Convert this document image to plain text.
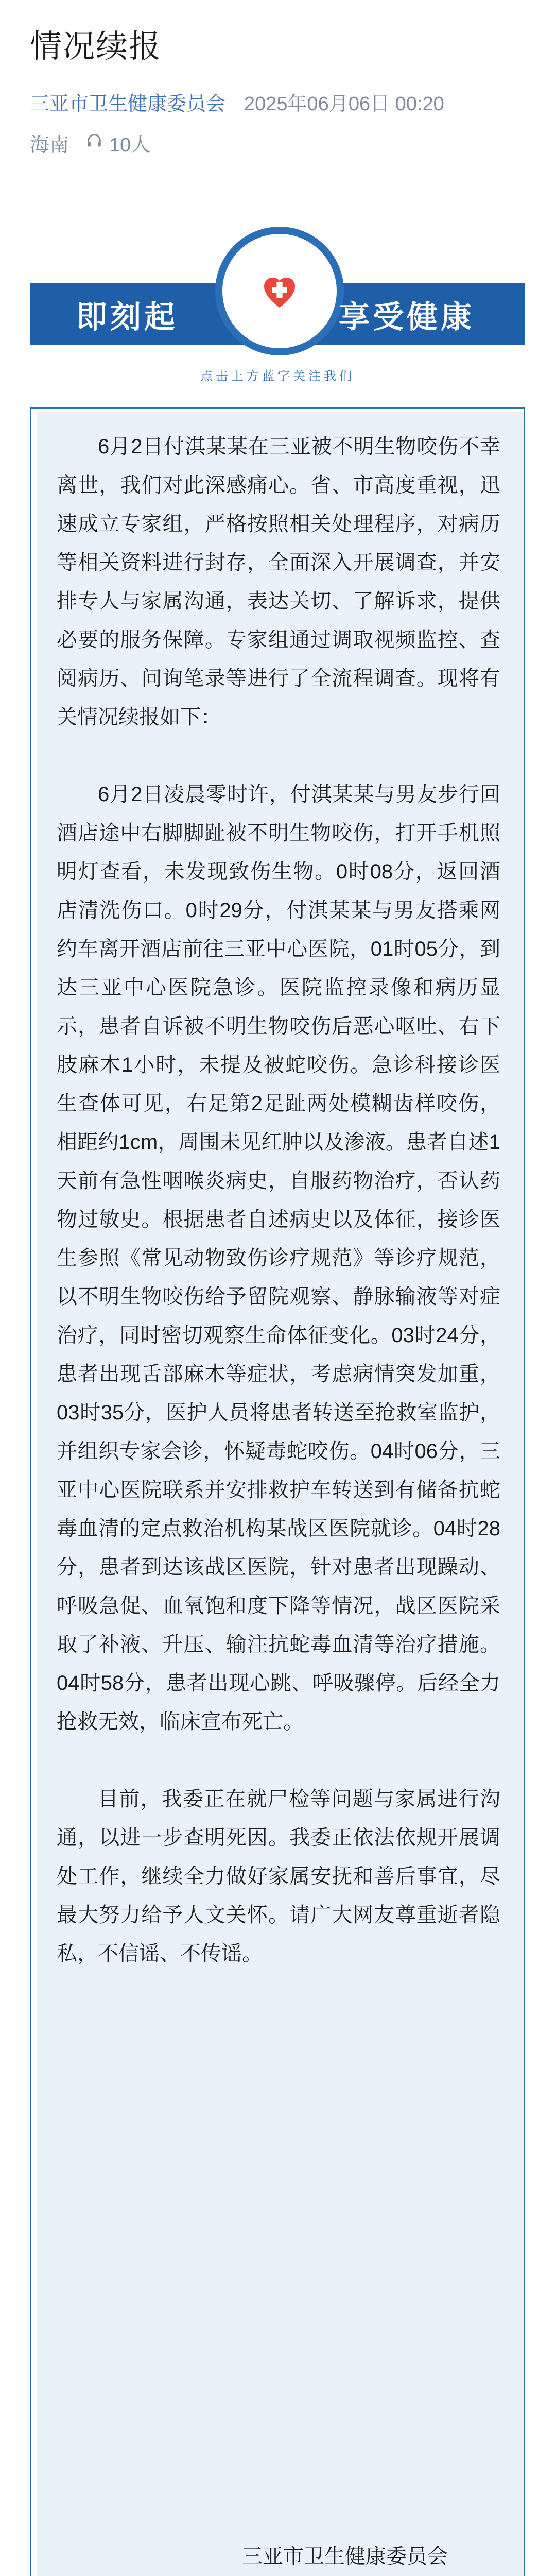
情况续报
三亚市卫生健康委员会 2025年06月06日 00:20
海南 10人
即刻起	享受健康
点击上方蓝字关注我们

6月2日付淇某某在三亚被不明生物咬伤不幸离世，我们对此深感痛心。省、市高度重视，迅速成立专家组，严格按照相关处理程序，对病历等相关资料进行封存，全面深入开展调查，并安排专人与家属沟通，表达关切、了解诉求，提供必要的服务保障。专家组通过调取视频监控、查阅病历、问询笔录等进行了全流程调查。现将有关情况续报如下：

6月2日凌晨零时许，付淇某某与男友步行回酒店途中右脚脚趾被不明生物咬伤，打开手机照明灯查看，未发现致伤生物。0时08分，返回酒店清洗伤口。0时29分，付淇某某与男友搭乘网约车离开酒店前往三亚中心医院，01时05分，到达三亚中心医院急诊。医院监控录像和病历显示，患者自诉被不明生物咬伤后恶心呕吐、右下肢麻木1小时，未提及被蛇咬伤。急诊科接诊医生查体可见，右足第2足趾两处模糊齿样咬伤，相距约1cm，周围未见红肿以及渗液。患者自述1天前有急性咽喉炎病史，自服药物治疗，否认药物过敏史。根据患者自述病史以及体征，接诊医生参照《常见动物致伤诊疗规范》等诊疗规范，以不明生物咬伤给予留院观察、静脉输液等对症治疗，同时密切观察生命体征变化。03时24分，患者出现舌部麻木等症状，考虑病情突发加重，03时35分，医护人员将患者转送至抢救室监护，并组织专家会诊，怀疑毒蛇咬伤。04时06分，三亚中心医院联系并安排救护车转送到有储备抗蛇毒血清的定点救治机构某战区医院就诊。04时28分，患者到达该战区医院，针对患者出现躁动、呼吸急促、血氧饱和度下降等情况，战区医院采取了补液、升压、输注抗蛇毒血清等治疗措施。04时58分，患者出现心跳、呼吸骤停。后经全力抢救无效，临床宣布死亡。

目前，我委正在就尸检等问题与家属进行沟通，以进一步查明死因。我委正依法依规开展调处工作，继续全力做好家属安抚和善后事宜，尽最大努力给予人文关怀。请广大网友尊重逝者隐私，不信谣、不传谣。

三亚市卫生健康委员会
